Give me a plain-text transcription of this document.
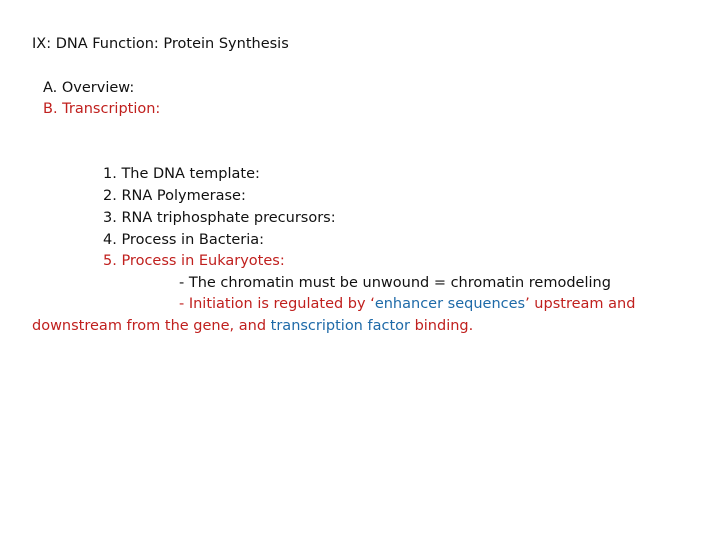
IX: DNA Function: Protein Synthesis
A. Overview:
B. Transcription:
1. The DNA template:
2. RNA Polymerase:
3. RNA triphosphate precursors:
4. Process in Bacteria:
5. Process in Eukaryotes:
- The chromatin must be unwound = chromatin remodeling
- Initiation is regulated by ‘enhancer sequences’ upstream and
downstream from the gene, and transcription factor binding.
